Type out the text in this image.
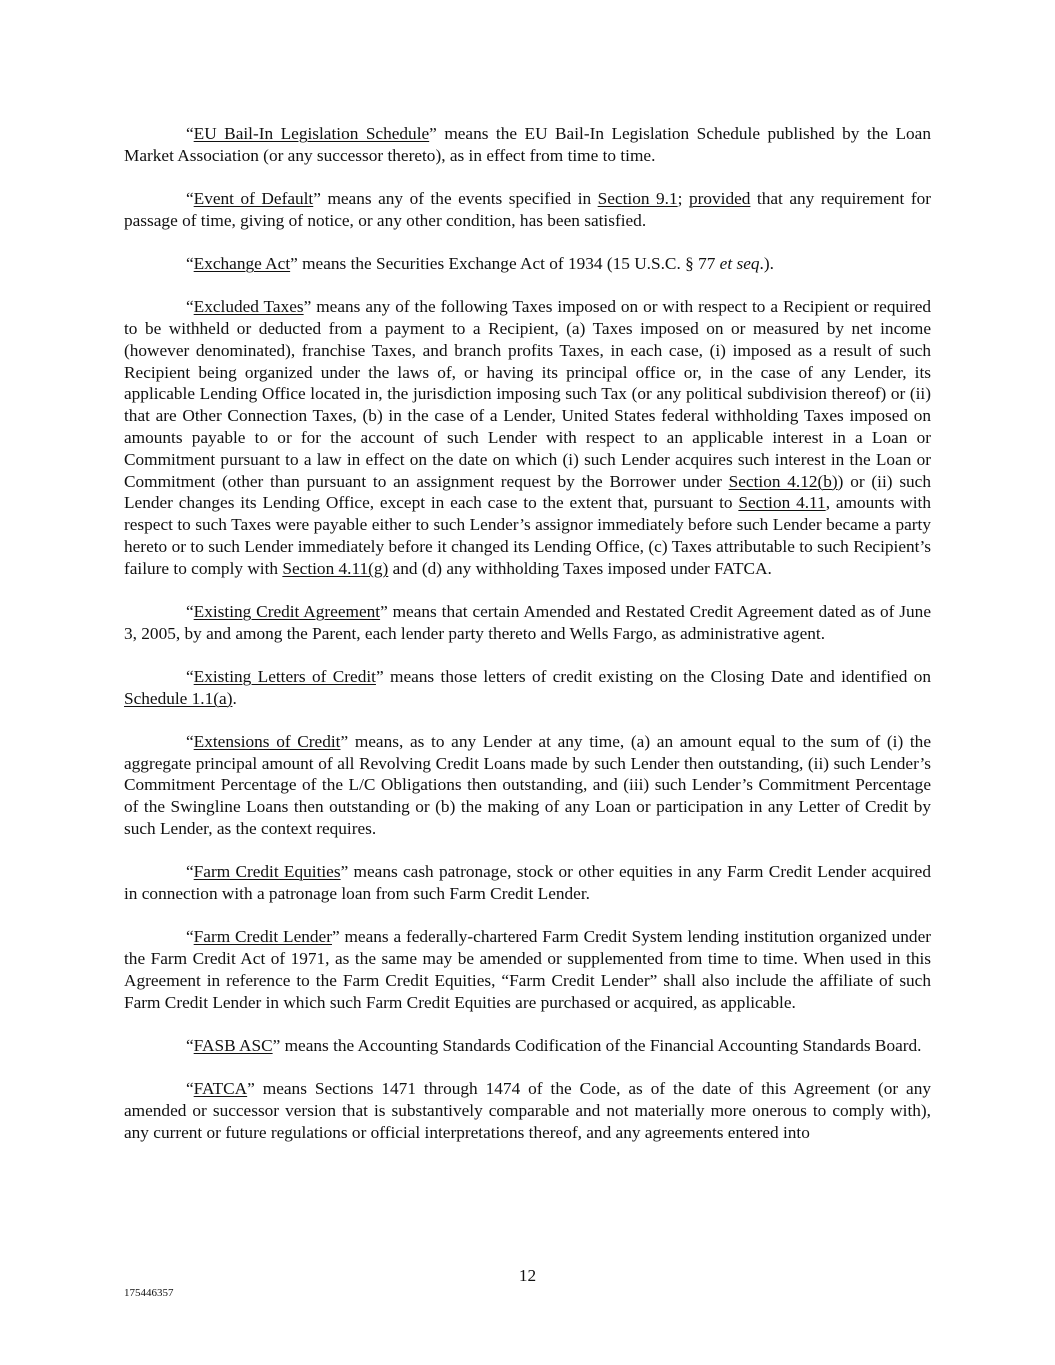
“EU Bail-In Legislation Schedule” means the EU Bail-In Legislation Schedule published by the Loan Market Association (or any successor thereto), as in effect from time to time.

“Event of Default” means any of the events specified in Section 9.1; provided that any requirement for passage of time, giving of notice, or any other condition, has been satisfied.

“Exchange Act” means the Securities Exchange Act of 1934 (15 U.S.C. § 77 et seq.).

“Excluded Taxes” means any of the following Taxes imposed on or with respect to a Recipient or required to be withheld or deducted from a payment to a Recipient, (a) Taxes imposed on or measured by net income (however denominated), franchise Taxes, and branch profits Taxes, in each case, (i) imposed as a result of such Recipient being organized under the laws of, or having its principal office or, in the case of any Lender, its applicable Lending Office located in, the jurisdiction imposing such Tax (or any political subdivision thereof) or (ii) that are Other Connection Taxes, (b) in the case of a Lender, United States federal withholding Taxes imposed on amounts payable to or for the account of such Lender with respect to an applicable interest in a Loan or Commitment pursuant to a law in effect on the date on which (i) such Lender acquires such interest in the Loan or Commitment (other than pursuant to an assignment request by the Borrower under Section 4.12(b)) or (ii) such Lender changes its Lending Office, except in each case to the extent that, pursuant to Section 4.11, amounts with respect to such Taxes were payable either to such Lender’s assignor immediately before such Lender became a party hereto or to such Lender immediately before it changed its Lending Office, (c) Taxes attributable to such Recipient’s failure to comply with Section 4.11(g) and (d) any withholding Taxes imposed under FATCA.

“Existing Credit Agreement” means that certain Amended and Restated Credit Agreement dated as of June 3, 2005, by and among the Parent, each lender party thereto and Wells Fargo, as administrative agent.

“Existing Letters of Credit” means those letters of credit existing on the Closing Date and identified on Schedule 1.1(a).

“Extensions of Credit” means, as to any Lender at any time, (a) an amount equal to the sum of (i) the aggregate principal amount of all Revolving Credit Loans made by such Lender then outstanding, (ii) such Lender’s Commitment Percentage of the L/C Obligations then outstanding, and (iii) such Lender’s Commitment Percentage of the Swingline Loans then outstanding or (b) the making of any Loan or participation in any Letter of Credit by such Lender, as the context requires.

“Farm Credit Equities” means cash patronage, stock or other equities in any Farm Credit Lender acquired in connection with a patronage loan from such Farm Credit Lender.

“Farm Credit Lender” means a federally-chartered Farm Credit System lending institution organized under the Farm Credit Act of 1971, as the same may be amended or supplemented from time to time. When used in this Agreement in reference to the Farm Credit Equities, “Farm Credit Lender” shall also include the affiliate of such Farm Credit Lender in which such Farm Credit Equities are purchased or acquired, as applicable.

“FASB ASC” means the Accounting Standards Codification of the Financial Accounting Standards Board.

“FATCA” means Sections 1471 through 1474 of the Code, as of the date of this Agreement (or any amended or successor version that is substantively comparable and not materially more onerous to comply with), any current or future regulations or official interpretations thereof, and any agreements entered into

12
175446357
